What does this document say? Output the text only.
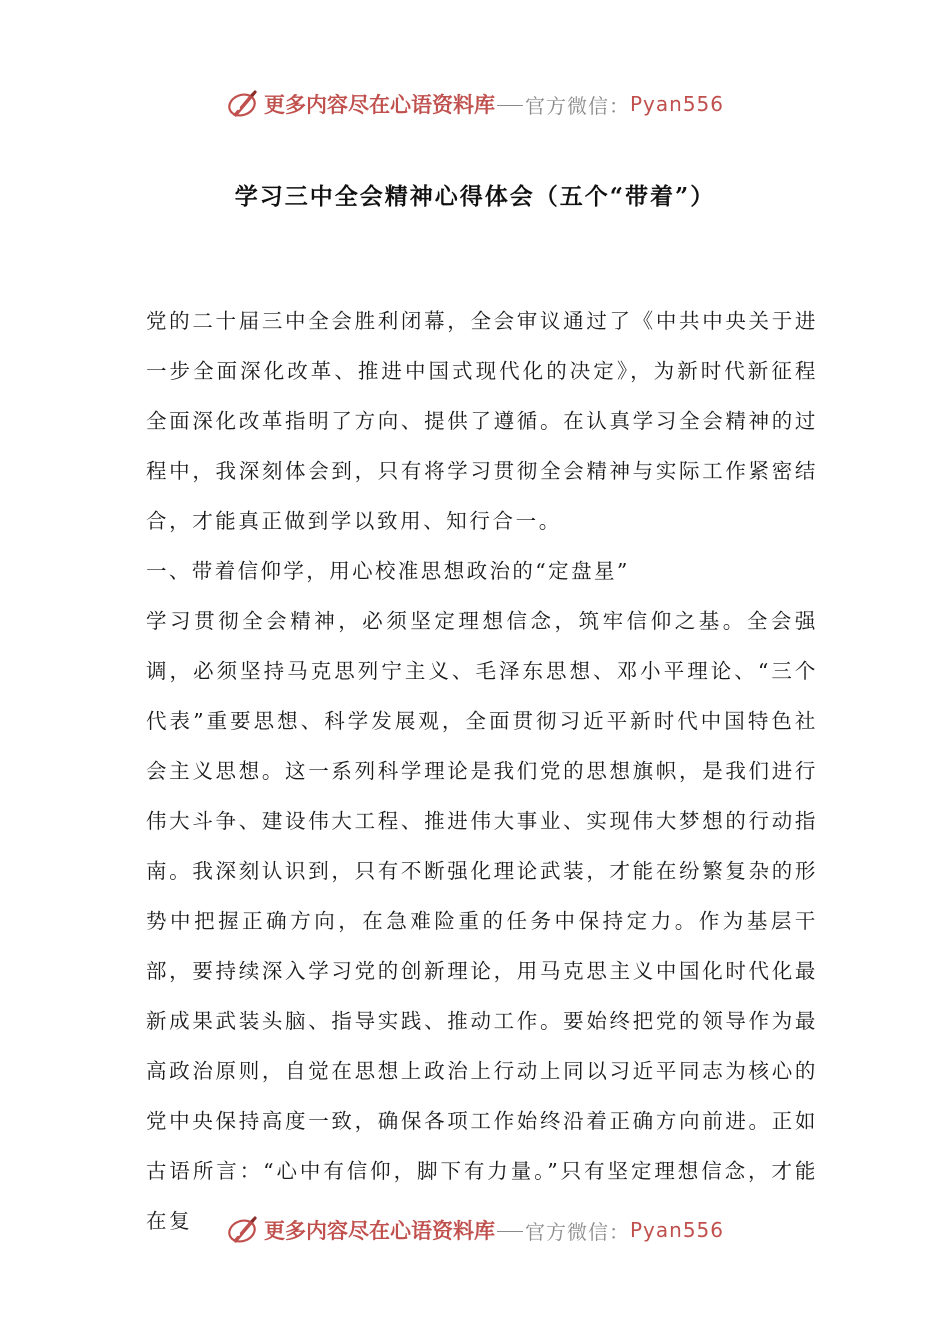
更多内容尽在心语资料库 官方微信： Pyan556
学习三中全会精神心得体会（五个“带着”）

党的二十届三中全会胜利闭幕，全会审议通过了《中共中央关于进一步全面深化改革、推进中国式现代化的决定》，为新时代新征程全面深化改革指明了方向、提供了遵循。在认真学习全会精神的过程中，我深刻体会到，只有将学习贯彻全会精神与实际工作紧密结合，才能真正做到学以致用、知行合一。

一、带着信仰学，用心校准思想政治的“定盘星”

学习贯彻全会精神，必须坚定理想信念，筑牢信仰之基。全会强调，必须坚持马克思列宁主义、毛泽东思想、邓小平理论、“三个代表”重要思想、科学发展观，全面贯彻习近平新时代中国特色社会主义思想。这一系列科学理论是我们党的思想旗帜，是我们进行伟大斗争、建设伟大工程、推进伟大事业、实现伟大梦想的行动指南。我深刻认识到，只有不断强化理论武装，才能在纷繁复杂的形势中把握正确方向，在急难险重的任务中保持定力。作为基层干部，要持续深入学习党的创新理论，用马克思主义中国化时代化最新成果武装头脑、指导实践、推动工作。要始终把党的领导作为最高政治原则，自觉在思想上政治上行动上同以习近平同志为核心的党中央保持高度一致，确保各项工作始终沿着正确方向前进。正如古语所言：“心中有信仰，脚下有力量。”只有坚定理想信念，才能在复	更多内容尽在心语资料库 官方微信： Pyan556
